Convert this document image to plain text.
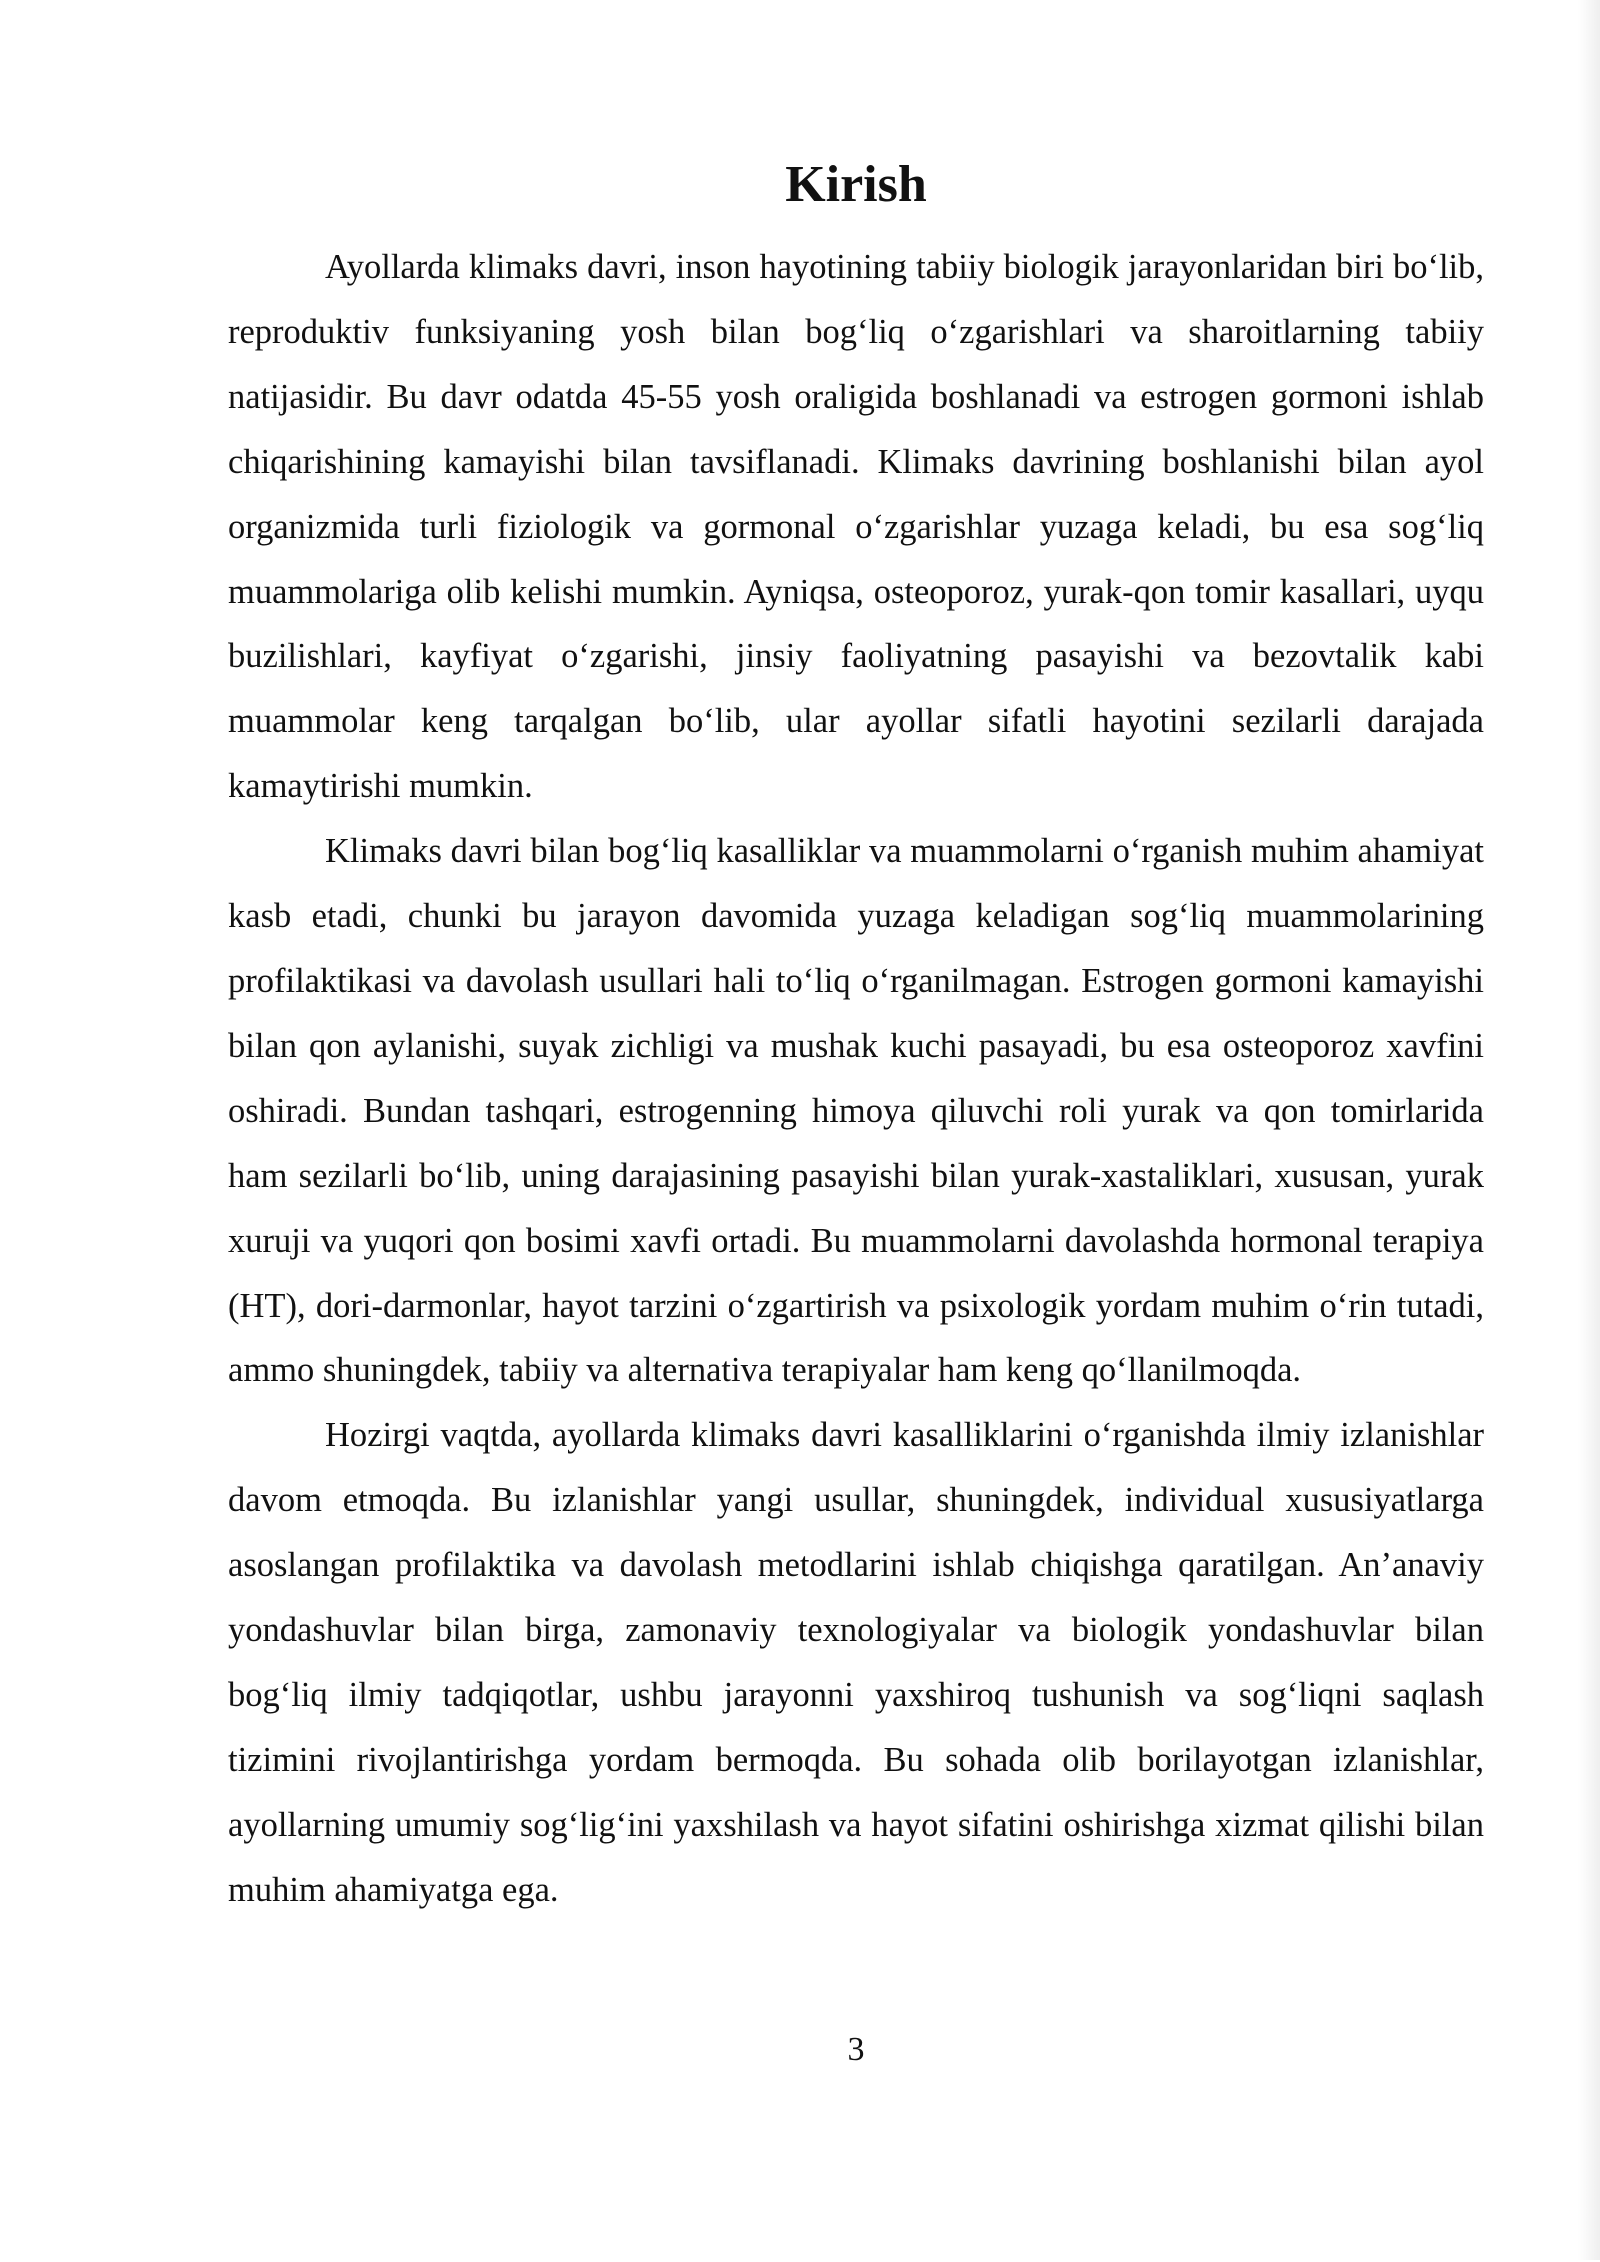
Kirish

Ayollarda klimaks davri, inson hayotining tabiiy biologik jarayonlaridan biri bo‘lib, reproduktiv funksiyaning yosh bilan bog‘liq o‘zgarishlari va sharoitlarning tabiiy natijasidir. Bu davr odatda 45-55 yosh oraligida boshlanadi va estrogen gormoni ishlab chiqarishining kamayishi bilan tavsiflanadi. Klimaks davrining boshlanishi bilan ayol organizmida turli fiziologik va gormonal o‘zgarishlar yuzaga keladi, bu esa sog‘liq muammolariga olib kelishi mumkin. Ayniqsa, osteoporoz, yurak-qon tomir kasallari, uyqu buzilishlari, kayfiyat o‘zgarishi, jinsiy faoliyatning pasayishi va bezovtalik kabi muammolar keng tarqalgan bo‘lib, ular ayollar sifatli hayotini sezilarli darajada kamaytirishi mumkin.

Klimaks davri bilan bog‘liq kasalliklar va muammolarni o‘rganish muhim ahamiyat kasb etadi, chunki bu jarayon davomida yuzaga keladigan sog‘liq muammolarining profilaktikasi va davolash usullari hali to‘liq o‘rganilmagan. Estrogen gormoni kamayishi bilan qon aylanishi, suyak zichligi va mushak kuchi pasayadi, bu esa osteoporoz xavfini oshiradi. Bundan tashqari, estrogenning himoya qiluvchi roli yurak va qon tomirlarida ham sezilarli bo‘lib, uning darajasining pasayishi bilan yurak-xastaliklari, xususan, yurak xuruji va yuqori qon bosimi xavfi ortadi. Bu muammolarni davolashda hormonal terapiya (HT), dori-darmonlar, hayot tarzini o‘zgartirish va psixologik yordam muhim o‘rin tutadi, ammo shuningdek, tabiiy va alternativa terapiyalar ham keng qo‘llanilmoqda.

Hozirgi vaqtda, ayollarda klimaks davri kasalliklarini o‘rganishda ilmiy izlanishlar davom etmoqda. Bu izlanishlar yangi usullar, shuningdek, individual xususiyatlarga asoslangan profilaktika va davolash metodlarini ishlab chiqishga qaratilgan. An’anaviy yondashuvlar bilan birga, zamonaviy texnologiyalar va biologik yondashuvlar bilan bog‘liq ilmiy tadqiqotlar, ushbu jarayonni yaxshiroq tushunish va sog‘liqni saqlash tizimini rivojlantirishga yordam bermoqda. Bu sohada olib borilayotgan izlanishlar, ayollarning umumiy sog‘lig‘ini yaxshilash va hayot sifatini oshirishga xizmat qilishi bilan muhim ahamiyatga ega.

3
